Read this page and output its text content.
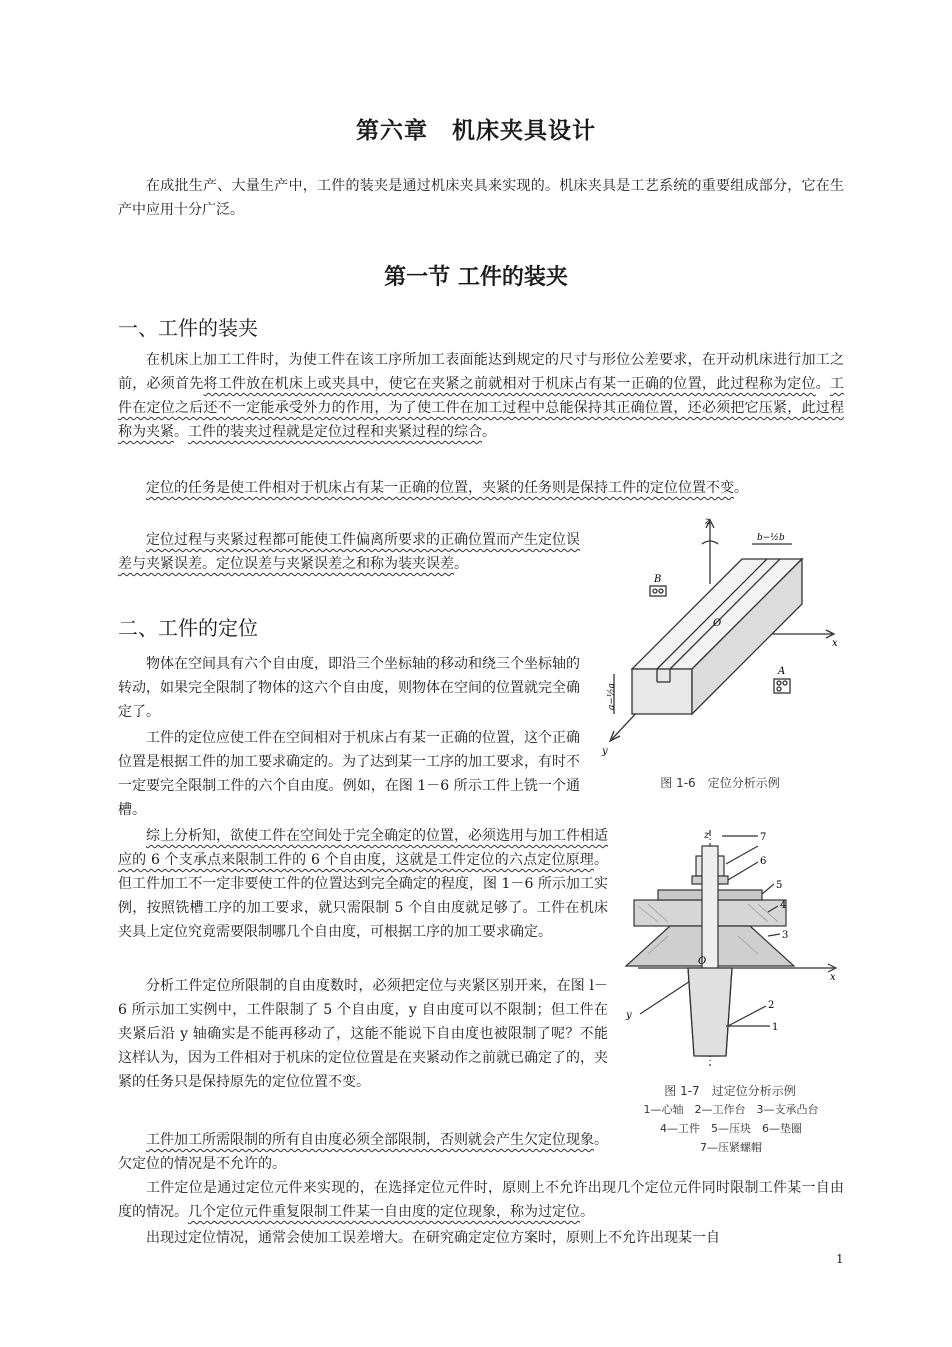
第六章　机床夹具设计

在成批生产、大量生产中，工件的装夹是通过机床夹具来实现的。机床夹具是工艺系统的重要组成部分，它在生产中应用十分广泛。

第一节 工件的装夹
一、工件的装夹

在机床上加工工件时，为使工件在该工序所加工表面能达到规定的尺寸与形位公差要求，在开动机床进行加工之前，必须首先将工件放在机床上或夹具中，使它在夹紧之前就相对于机床占有某一正确的位置，此过程称为定位。工件在定位之后还不一定能承受外力的作用，为了使工件在加工过程中总能保持其正确位置，还必须把它压紧，此过程称为夹紧。工件的装夹过程就是定位过程和夹紧过程的综合。

定位的任务是使工件相对于机床占有某一正确的位置，夹紧的任务则是保持工件的定位位置不变。

定位过程与夹紧过程都可能使工件偏离所要求的正确位置而产生定位误差与夹紧误差。定位误差与夹紧误差之和称为装夹误差。

二、工件的定位

物体在空间具有六个自由度，即沿三个坐标轴的移动和绕三个坐标轴的转动，如果完全限制了物体的这六个自由度，则物体在空间的位置就完全确定了。

工件的定位应使工件在空间相对于机床占有某一正确的位置，这个正确位置是根据工件的加工要求确定的。为了达到某一工序的加工要求，有时不一定要完全限制工件的六个自由度。例如，在图 1－6 所示工件上铣一个通槽。

综上分析知，欲使工件在空间处于完全确定的位置，必须选用与加工件相适应的 6 个支承点来限制工件的 6 个自由度，这就是工件定位的六点定位原理。但工件加工不一定非要使工件的位置达到完全确定的程度，图 1－6 所示加工实例，按照铣槽工序的加工要求，就只需限制 5 个自由度就足够了。工件在机床夹具上定位究竟需要限制哪几个自由度，可根据工序的加工要求确定。

分析工件定位所限制的自由度数时，必须把定位与夹紧区别开来，在图 l－6 所示加工实例中，工件限制了 5 个自由度，y 自由度可以不限制；但工件在夹紧后沿 y 轴确实是不能再移动了，这能不能说下自由度也被限制了呢？不能这样认为，因为工件相对于机床的定位位置是在夹紧动作之前就已确定了的，夹紧的任务只是保持原先的定位位置不变。

工件加工所需限制的所有自由度必须全部限制，否则就会产生欠定位现象。欠定位的情况是不允许的。

工件定位是通过定位元件来实现的，在选择定位元件时，原则上不允许出现几个定位元件同时限制工件某一自由度的情况。几个定位元件重复限制工件某一自由度的定位现象，称为过定位。

出现过定位情况，通常会使加工误差增大。在研究确定定位方案时，原则上不允许出现某一自

z
x
y
O
A
B
b−½b
a−½a
图 1-6　定位分析示例
z
x
y
O
7
6
5
4
3
2
1
图 1-7　过定位分析示例
1—心轴　2—工作台　3—支承凸台
4—工件　5—压块　6—垫圈
7—压紧螺帽
1
